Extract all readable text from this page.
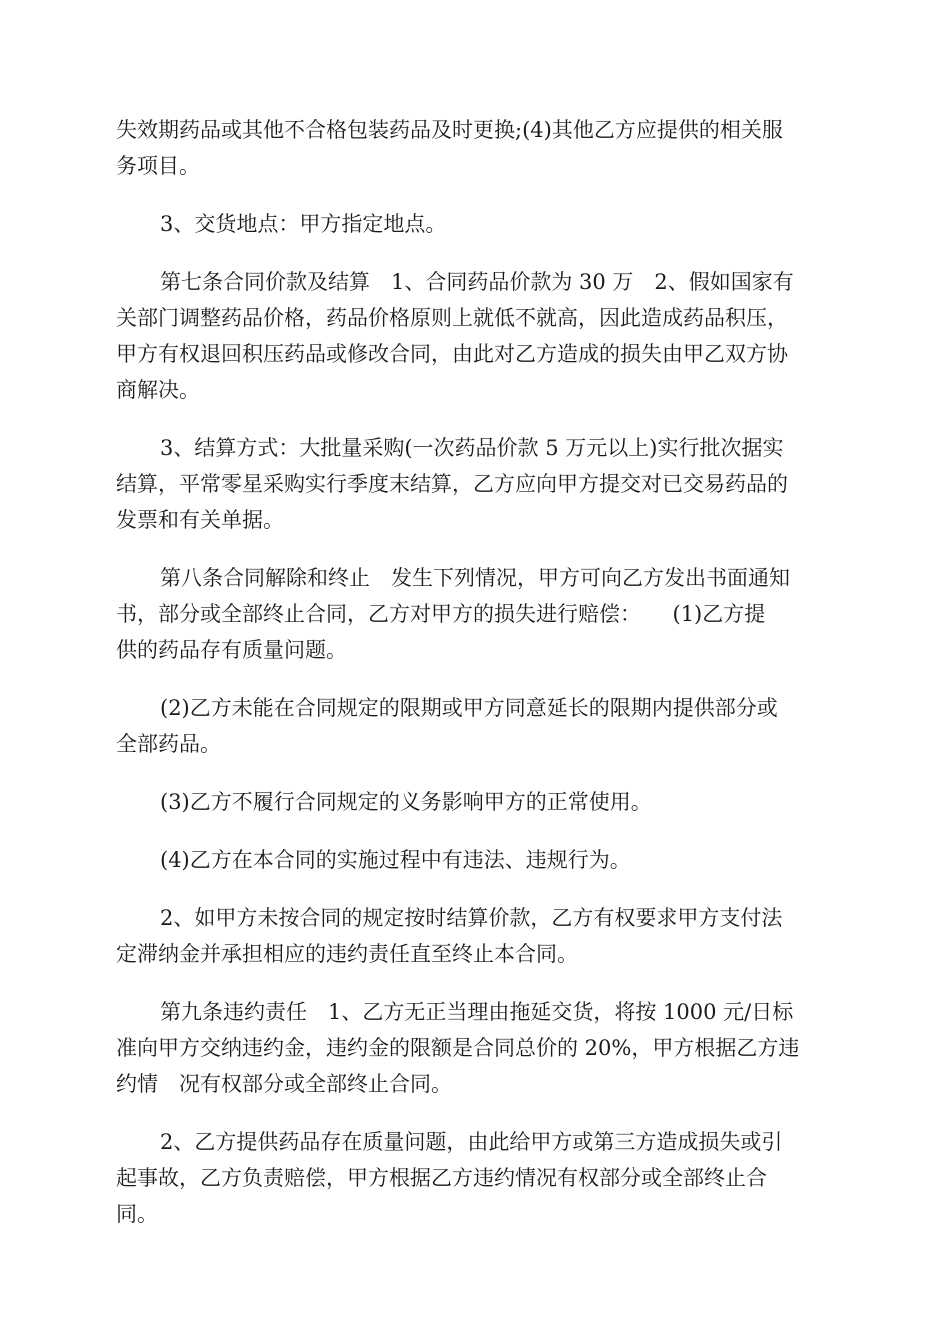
失效期药品或其他不合格包装药品及时更换;(4)其他乙方应提供的相关服
务项目。

3、交货地点：甲方指定地点。

第七条合同价款及结算　1、合同药品价款为 30 万　2、假如国家有
关部门调整药品价格，药品价格原则上就低不就高，因此造成药品积压，
甲方有权退回积压药品或修改合同，由此对乙方造成的损失由甲乙双方协
商解决。

3、结算方式：大批量采购(一次药品价款 5 万元以上)实行批次据实
结算，平常零星采购实行季度末结算，乙方应向甲方提交对已交易药品的
发票和有关单据。

第八条合同解除和终止　发生下列情况，甲方可向乙方发出书面通知
书，部分或全部终止合同，乙方对甲方的损失进行赔偿：　　(1)乙方提
供的药品存有质量问题。

(2)乙方未能在合同规定的限期或甲方同意延长的限期内提供部分或
全部药品。

(3)乙方不履行合同规定的义务影响甲方的正常使用。

(4)乙方在本合同的实施过程中有违法、违规行为。

2、如甲方未按合同的规定按时结算价款，乙方有权要求甲方支付法
定滞纳金并承担相应的违约责任直至终止本合同。

第九条违约责任　1、乙方无正当理由拖延交货，将按 1000 元/日标
准向甲方交纳违约金，违约金的限额是合同总价的 20%，甲方根据乙方违
约情　况有权部分或全部终止合同。

2、乙方提供药品存在质量问题，由此给甲方或第三方造成损失或引
起事故，乙方负责赔偿，甲方根据乙方违约情况有权部分或全部终止合
同。
